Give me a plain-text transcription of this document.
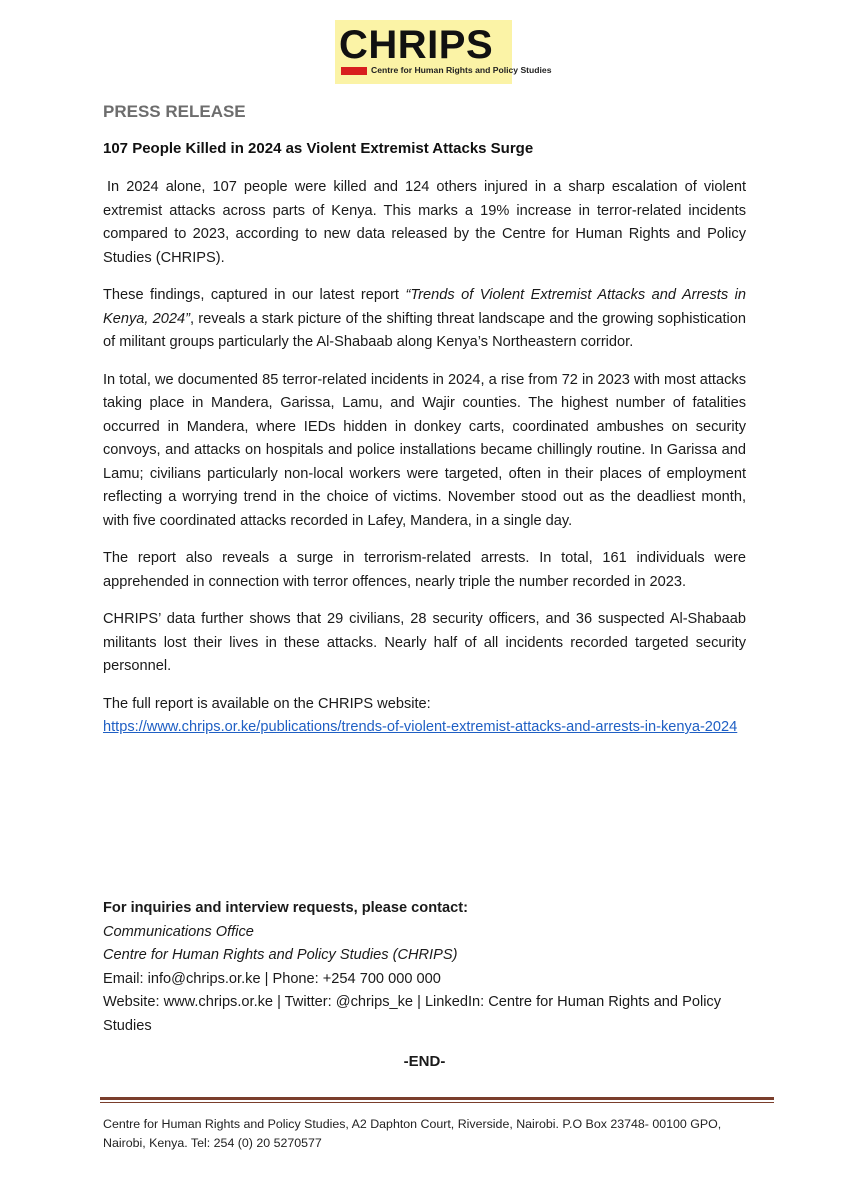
CHRIPS
Centre for Human Rights and Policy Studies
PRESS RELEASE
107 People Killed in 2024 as Violent Extremist Attacks Surge

In 2024 alone, 107 people were killed and 124 others injured in a sharp escalation of violent extremist attacks across parts of Kenya. This marks a 19% increase in terror-related incidents compared to 2023, according to new data released by the Centre for Human Rights and Policy Studies (CHRIPS).

These findings, captured in our latest report “Trends of Violent Extremist Attacks and Arrests in Kenya, 2024”, reveals a stark picture of the shifting threat landscape and the growing sophistication of militant groups particularly the Al-Shabaab along Kenya’s Northeastern corridor.

In total, we documented 85 terror-related incidents in 2024, a rise from 72 in 2023 with most attacks taking place in Mandera, Garissa, Lamu, and Wajir counties. The highest number of fatalities occurred in Mandera, where IEDs hidden in donkey carts, coordinated ambushes on security convoys, and attacks on hospitals and police installations became chillingly routine. In Garissa and Lamu; civilians particularly non-local workers were targeted, often in their places of employment reflecting a worrying trend in the choice of victims. November stood out as the deadliest month, with five coordinated attacks recorded in Lafey, Mandera, in a single day.

The report also reveals a surge in terrorism-related arrests. In total, 161 individuals were apprehended in connection with terror offences, nearly triple the number recorded in 2023.

CHRIPS’ data further shows that 29 civilians, 28 security officers, and 36 suspected Al-Shabaab militants lost their lives in these attacks. Nearly half of all incidents recorded targeted security personnel.

The full report is available on the CHRIPS website:
https://www.chrips.or.ke/publications/trends-of-violent-extremist-attacks-and-arrests-in-kenya-2024

For inquiries and interview requests, please contact:
Communications Office
Centre for Human Rights and Policy Studies (CHRIPS)
Email: info@chrips.or.ke | Phone: +254 700 000 000
Website: www.chrips.or.ke | Twitter: @chrips_ke | LinkedIn: Centre for Human Rights and Policy Studies
-END-
Centre for Human Rights and Policy Studies, A2 Daphton Court, Riverside, Nairobi. P.O Box 23748- 00100 GPO, Nairobi, Kenya. Tel: 254 (0) 20 5270577
